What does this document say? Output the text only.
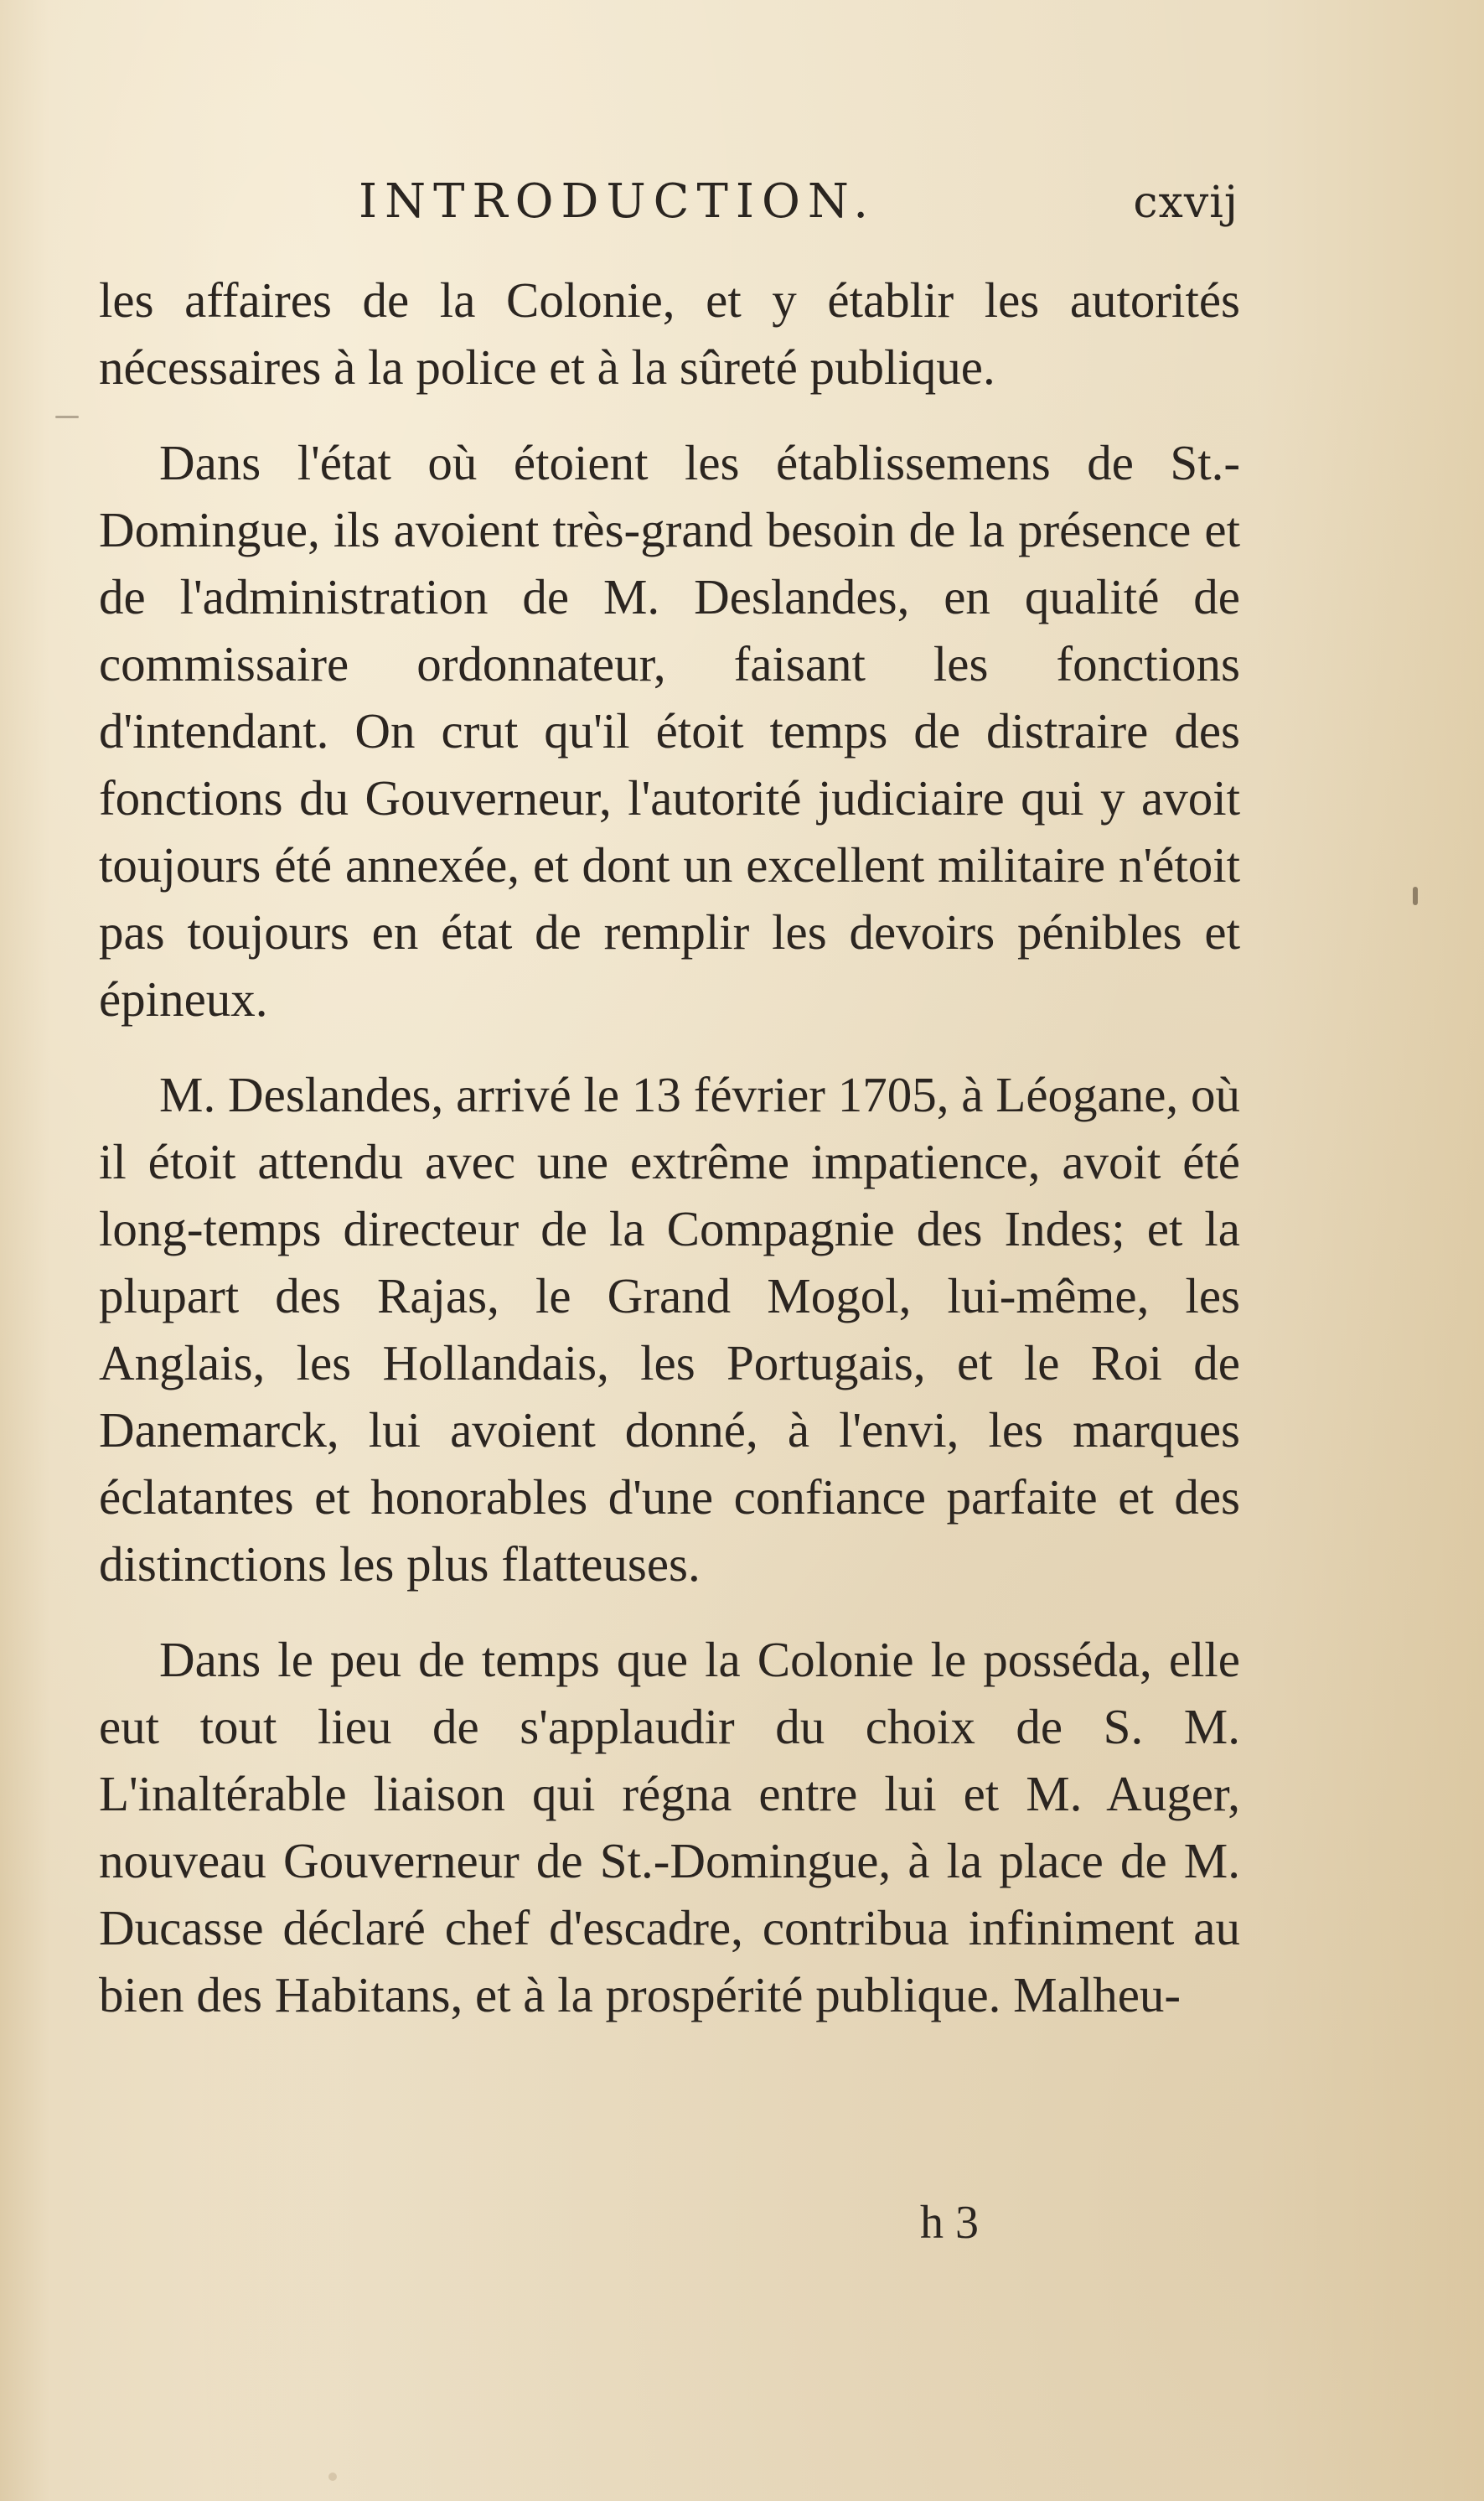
INTRODUCTION.	cxvij

les affaires de la Colonie, et y établir les autorités nécessaires à la police et à la sûreté publique.

Dans l'état où étoient les établissemens de St.-Domingue, ils avoient très-grand besoin de la présence et de l'administration de M. Deslandes, en qualité de commissaire ordonnateur, faisant les fonctions d'intendant. On crut qu'il étoit temps de distraire des fonctions du Gouverneur, l'autorité judiciaire qui y avoit toujours été annexée, et dont un excellent militaire n'étoit pas toujours en état de remplir les devoirs pénibles et épineux.

M. Deslandes, arrivé le 13 février 1705, à Léogane, où il étoit attendu avec une extrême impatience, avoit été long-temps directeur de la Compagnie des Indes; et la plupart des Rajas, le Grand Mogol, lui-même, les Anglais, les Hollandais, les Portugais, et le Roi de Danemarck, lui avoient donné, à l'envi, les marques éclatantes et honorables d'une confiance parfaite et des distinctions les plus flatteuses.

Dans le peu de temps que la Colonie le posséda, elle eut tout lieu de s'applaudir du choix de S. M. L'inaltérable liaison qui régna entre lui et M. Auger, nouveau Gouverneur de St.-Domingue, à la place de M. Ducasse déclaré chef d'escadre, contribua infiniment au bien des Habitans, et à la prospérité publique. Malheu-

h 3
